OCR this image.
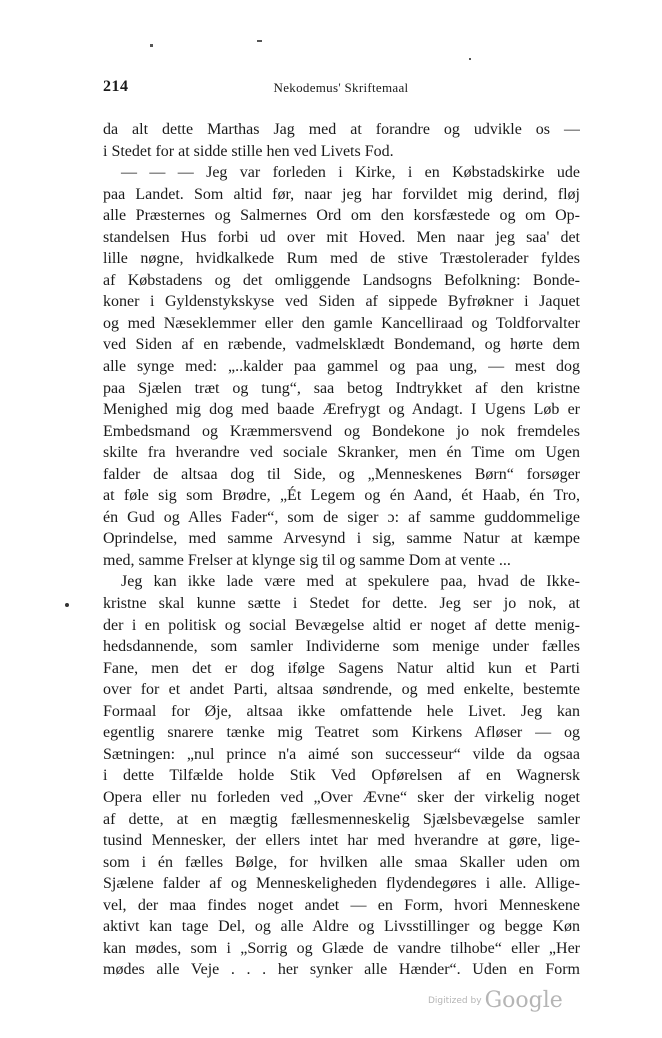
214	Nekodemus' Skriftemaal
da alt dette Marthas Jag med at forandre og udvikle os —
i Stedet for at sidde stille hen ved Livets Fod.
— — — Jeg var forleden i Kirke, i en Købstadskirke ude
paa Landet. Som altid før, naar jeg har forvildet mig derind, fløj
alle Præsternes og Salmernes Ord om den korsfæstede og om Op-
standelsen Hus forbi ud over mit Hoved. Men naar jeg saa' det
lille nøgne, hvidkalkede Rum med de stive Træstolerader fyldes
af Købstadens og det omliggende Landsogns Befolkning: Bonde-
koner i Gyldenstykskyse ved Siden af sippede Byfrøkner i Jaquet
og med Næseklemmer eller den gamle Kancelliraad og Toldforvalter
ved Siden af en ræbende, vadmelsklædt Bondemand, og hørte dem
alle synge med: „..kalder paa gammel og paa ung, — mest dog
paa Sjælen træt og tung“, saa betog Indtrykket af den kristne
Menighed mig dog med baade Ærefrygt og Andagt. I Ugens Løb er
Embedsmand og Kræmmersvend og Bondekone jo nok fremdeles
skilte fra hverandre ved sociale Skranker, men én Time om Ugen
falder de altsaa dog til Side, og „Menneskenes Børn“ forsøger
at føle sig som Brødre, „Ét Legem og én Aand, ét Haab, én Tro,
én Gud og Alles Fader“, som de siger ɔ: af samme guddommelige
Oprindelse, med samme Arvesynd i sig, samme Natur at kæmpe
med, samme Frelser at klynge sig til og samme Dom at vente ...
Jeg kan ikke lade være med at spekulere paa, hvad de Ikke-
kristne skal kunne sætte i Stedet for dette. Jeg ser jo nok, at
der i en politisk og social Bevægelse altid er noget af dette menig-
hedsdannende, som samler Individerne som menige under fælles
Fane, men det er dog ifølge Sagens Natur altid kun et Parti
over for et andet Parti, altsaa søndrende, og med enkelte, bestemte
Formaal for Øje, altsaa ikke omfattende hele Livet. Jeg kan
egentlig snarere tænke mig Teatret som Kirkens Afløser — og
Sætningen: „nul prince n'a aimé son successeur“ vilde da ogsaa
i dette Tilfælde holde Stik Ved Opførelsen af en Wagnersk
Opera eller nu forleden ved „Over Ævne“ sker der virkelig noget
af dette, at en mægtig fællesmenneskelig Sjælsbevægelse samler
tusind Mennesker, der ellers intet har med hverandre at gøre, lige-
som i én fælles Bølge, for hvilken alle smaa Skaller uden om
Sjælene falder af og Menneskeligheden flydendegøres i alle. Allige-
vel, der maa findes noget andet — en Form, hvori Menneskene
aktivt kan tage Del, og alle Aldre og Livsstillinger og begge Køn
kan mødes, som i „Sorrig og Glæde de vandre tilhobe“ eller „Her
mødes alle Veje . . . her synker alle Hænder“. Uden en Form
Digitized by Google
